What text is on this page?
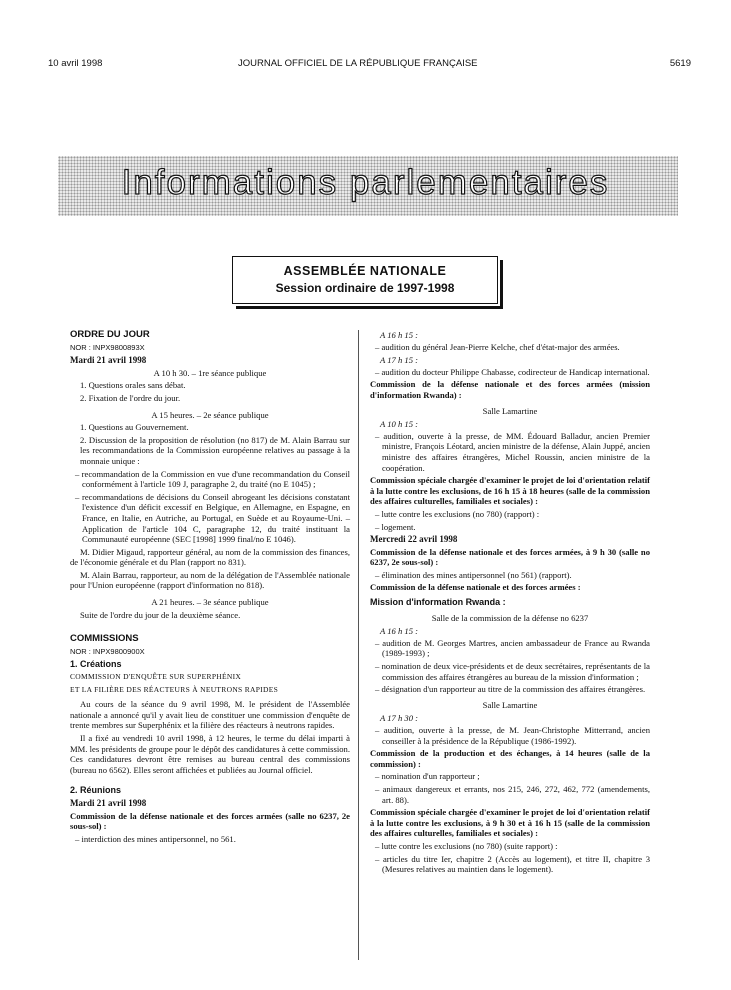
10 avril 1998	JOURNAL OFFICIEL DE LA RÉPUBLIQUE FRANÇAISE	5619
Informations parlementaires
ASSEMBLÉE NATIONALE
Session ordinaire de 1997-1998

ORDRE DU JOUR

NOR : INPX9800893X

Mardi 21 avril 1998

A 10 h 30. – 1re séance publique

1. Questions orales sans débat.

2. Fixation de l'ordre du jour.

A 15 heures. – 2e séance publique

1. Questions au Gouvernement.

2. Discussion de la proposition de résolution (no 817) de M. Alain Barrau sur les recommandations de la Commission européenne relatives au passage à la monnaie unique :

– recommandation de la Commission en vue d'une recommandation du Conseil conformément à l'article 109 J, paragraphe 2, du traité (no E 1045) ;

– recommandations de décisions du Conseil abrogeant les décisions constatant l'existence d'un déficit excessif en Belgique, en Allemagne, en Espagne, en France, en Italie, en Autriche, au Portugal, en Suède et au Royaume-Uni. – Application de l'article 104 C, paragraphe 12, du traité instituant la Communauté européenne (SEC [1998] 1999 final/no E 1046).

M. Didier Migaud, rapporteur général, au nom de la commission des finances, de l'économie générale et du Plan (rapport no 831).

M. Alain Barrau, rapporteur, au nom de la délégation de l'Assemblée nationale pour l'Union européenne (rapport d'information no 818).

A 21 heures. – 3e séance publique

Suite de l'ordre du jour de la deuxième séance.

COMMISSIONS

NOR : INPX9800900X

1. Créations

COMMISSION D'ENQUÊTE SUR SUPERPHÉNIX

ET LA FILIÈRE DES RÉACTEURS À NEUTRONS RAPIDES

Au cours de la séance du 9 avril 1998, M. le président de l'Assemblée nationale a annoncé qu'il y avait lieu de constituer une commission d'enquête de trente membres sur Superphénix et la filière des réacteurs à neutrons rapides.

Il a fixé au vendredi 10 avril 1998, à 12 heures, le terme du délai imparti à MM. les présidents de groupe pour le dépôt des candidatures à cette commission. Ces candidatures devront être remises au bureau central des commissions (bureau no 6562). Elles seront affichées et publiées au Journal officiel.

2. Réunions

Mardi 21 avril 1998

Commission de la défense nationale et des forces armées (salle no 6237, 2e sous-sol) :

– interdiction des mines antipersonnel, no 561.

A 16 h 15 :

– audition du général Jean-Pierre Kelche, chef d'état-major des armées.

A 17 h 15 :

– audition du docteur Philippe Chabasse, codirecteur de Handicap international.

Commission de la défense nationale et des forces armées (mission d'information Rwanda) :

Salle Lamartine

A 10 h 15 :

– audition, ouverte à la presse, de MM. Édouard Balladur, ancien Premier ministre, François Léotard, ancien ministre de la défense, Alain Juppé, ancien ministre des affaires étrangères, Michel Roussin, ancien ministre de la coopération.

Commission spéciale chargée d'examiner le projet de loi d'orientation relatif à la lutte contre les exclusions, de 16 h 15 à 18 heures (salle de la commission des affaires culturelles, familiales et sociales) :

– lutte contre les exclusions (no 780) (rapport) :

– logement.

Mercredi 22 avril 1998

Commission de la défense nationale et des forces armées, à 9 h 30 (salle no 6237, 2e sous-sol) :

– élimination des mines antipersonnel (no 561) (rapport).

Commission de la défense nationale et des forces armées :

Mission d'information Rwanda :

Salle de la commission de la défense no 6237

A 16 h 15 :

– audition de M. Georges Martres, ancien ambassadeur de France au Rwanda (1989-1993) ;

– nomination de deux vice-présidents et de deux secrétaires, représentants de la commission des affaires étrangères au bureau de la mission d'information ;

– désignation d'un rapporteur au titre de la commission des affaires étrangères.

Salle Lamartine

A 17 h 30 :

– audition, ouverte à la presse, de M. Jean-Christophe Mitterrand, ancien conseiller à la présidence de la République (1986-1992).

Commission de la production et des échanges, à 14 heures (salle de la commission) :

– nomination d'un rapporteur ;

– animaux dangereux et errants, nos 215, 246, 272, 462, 772 (amendements, art. 88).

Commission spéciale chargée d'examiner le projet de loi d'orientation relatif à la lutte contre les exclusions, à 9 h 30 et à 16 h 15 (salle de la commission des affaires culturelles, familiales et sociales) :

– lutte contre les exclusions (no 780) (suite rapport) :

– articles du titre Ier, chapitre 2 (Accès au logement), et titre II, chapitre 3 (Mesures relatives au maintien dans le logement).
